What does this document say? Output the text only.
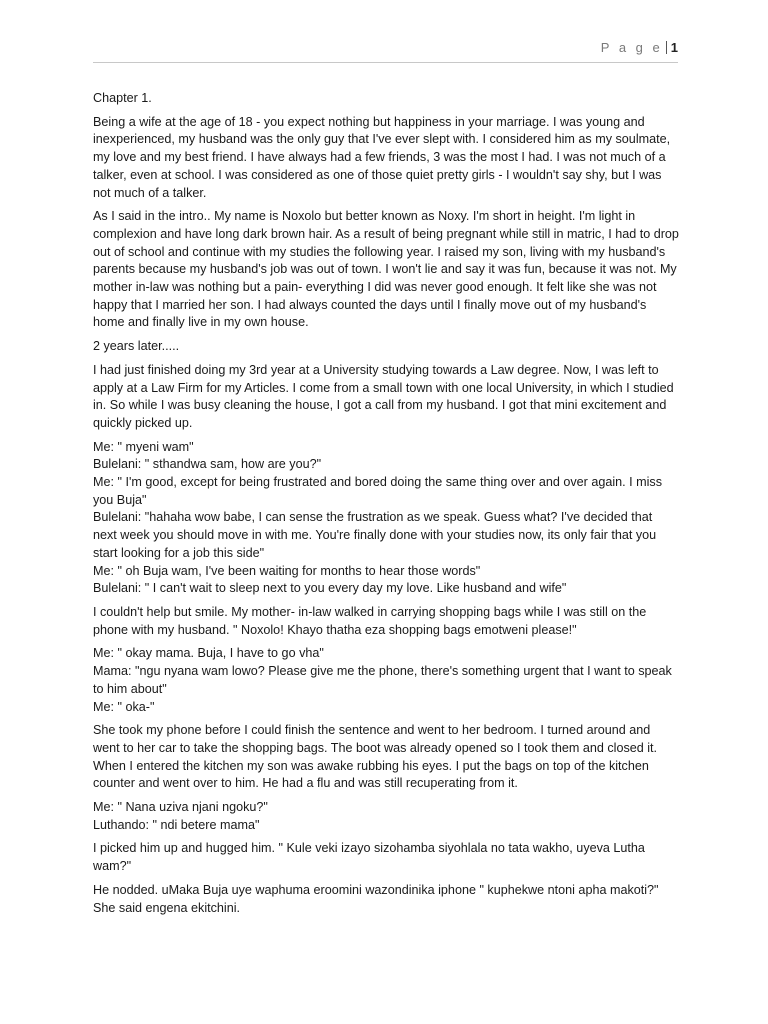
P a g e 1

Chapter 1.

Being a wife at the age of 18 - you expect nothing but happiness in your marriage. I was young and inexperienced, my husband was the only guy that I've ever slept with. I considered him as my soulmate, my love and my best friend. I have always had a few friends, 3 was the most I had. I was not much of a talker, even at school. I was considered as one of those quiet pretty girls - I wouldn't say shy, but I was not much of a talker.

As I said in the intro.. My name is Noxolo but better known as Noxy. I'm short in height. I'm light in complexion and have long dark brown hair. As a result of being pregnant while still in matric, I had to drop out of school and continue with my studies the following year. I raised my son, living with my husband's parents because my husband's job was out of town. I won't lie and say it was fun, because it was not. My mother in-law was nothing but a pain- everything I did was never good enough. It felt like she was not happy that I married her son. I had always counted the days until I finally move out of my husband's home and finally live in my own house.

2 years later.....

I had just finished doing my 3rd year at a University studying towards a Law degree. Now, I was left to apply at a Law Firm for my Articles. I come from a small town with one local University, in which I studied in. So while I was busy cleaning the house, I got a call from my husband. I got that mini excitement and quickly picked up.

Me: " myeni wam"
Bulelani: " sthandwa sam, how are you?"
Me: " I'm good, except for being frustrated and bored doing the same thing over and over again. I miss you Buja"
Bulelani: "hahaha wow babe, I can sense the frustration as we speak. Guess what? I've decided that next week you should move in with me. You're finally done with your studies now, its only fair that you start looking for a job this side"
Me: " oh Buja wam, I've been waiting for months to hear those words"
Bulelani: " I can't wait to sleep next to you every day my love. Like husband and wife"

I couldn't help but smile. My mother- in-law walked in carrying shopping bags while I was still on the phone with my husband. " Noxolo! Khayo thatha eza shopping bags emotweni please!"

Me: " okay mama. Buja, I have to go vha"
Mama: "ngu nyana wam lowo? Please give me the phone, there's something urgent that I want to speak to him about"
Me: " oka-"

She took my phone before I could finish the sentence and went to her bedroom. I turned around and went to her car to take the shopping bags. The boot was already opened so I took them and closed it. When I entered the kitchen my son was awake rubbing his eyes. I put the bags on top of the kitchen counter and went over to him. He had a flu and was still recuperating from it.

Me: " Nana uziva njani ngoku?"
Luthando: " ndi betere mama"

I picked him up and hugged him. " Kule veki izayo sizohamba siyohlala no tata wakho, uyeva Lutha wam?"

He nodded. uMaka Buja uye waphuma eroomini wazondinika iphone " kuphekwe ntoni apha makoti?" She said engena ekitchini.
